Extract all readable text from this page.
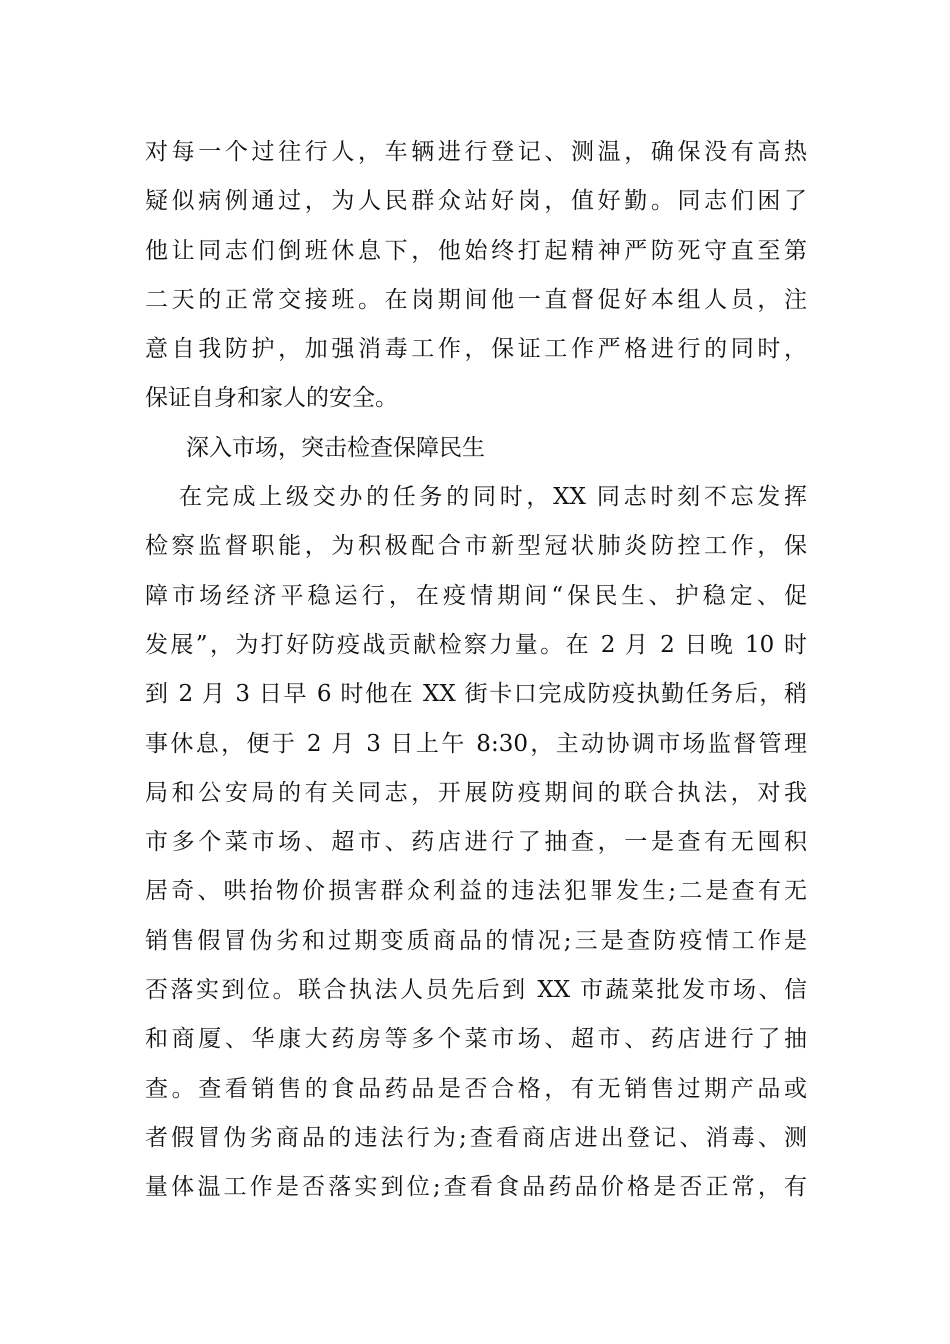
对每一个过往行人，车辆进行登记、测温，确保没有高热
疑似病例通过，为人民群众站好岗，值好勤。同志们困了
他让同志们倒班休息下，他始终打起精神严防死守直至第
二天的正常交接班。在岗期间他一直督促好本组人员，注
意自我防护，加强消毒工作，保证工作严格进行的同时，
保证自身和家人的安全。
深入市场，突击检查保障民生
在完成上级交办的任务的同时，XX 同志时刻不忘发挥
检察监督职能，为积极配合市新型冠状肺炎防控工作，保
障市场经济平稳运行，在疫情期间“保民生、护稳定、促
发展”，为打好防疫战贡献检察力量。在 2 月 2 日晚 10 时
到 2 月 3 日早 6 时他在 XX 街卡口完成防疫执勤任务后，稍
事休息，便于 2 月 3 日上午 8:30，主动协调市场监督管理
局和公安局的有关同志，开展防疫期间的联合执法，对我
市多个菜市场、超市、药店进行了抽查，一是查有无囤积
居奇、哄抬物价损害群众利益的违法犯罪发生;二是查有无
销售假冒伪劣和过期变质商品的情况;三是查防疫情工作是
否落实到位。联合执法人员先后到 XX 市蔬菜批发市场、信
和商厦、华康大药房等多个菜市场、超市、药店进行了抽
查。查看销售的食品药品是否合格，有无销售过期产品或
者假冒伪劣商品的违法行为;查看商店进出登记、消毒、测
量体温工作是否落实到位;查看食品药品价格是否正常，有
